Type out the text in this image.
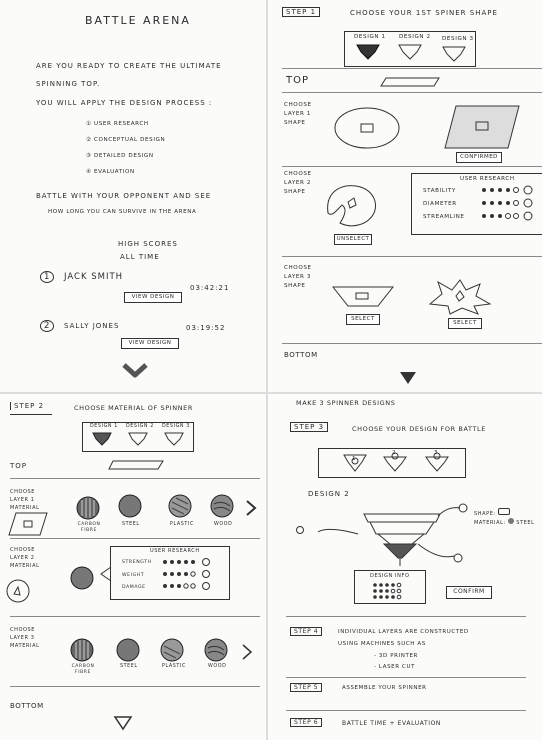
BATTLE ARENA
ARE YOU READY TO CREATE THE ULTIMATE
SPINNING TOP.
YOU WILL APPLY THE DESIGN PROCESS :
① USER RESEARCH
② CONCEPTUAL DESIGN
③ DETAILED DESIGN
④ EVALUATION
BATTLE WITH YOUR OPPONENT AND SEE
HOW LONG YOU CAN SURVIVE IN THE ARENA
HIGH SCORES
ALL TIME
1	JACK SMITH
03:42:21
VIEW DESIGN
2	SALLY JONES	03:19:52
VIEW DESIGN
STEP 1	CHOOSE YOUR 1ST SPINER SHAPE
DESIGN 1 DESIGN 2 DESIGN 3
TOP
CHOOSE LAYER 1 SHAPE
CONFIRMED
CHOOSE LAYER 2 SHAPE
UNSELECT
USER RESEARCH
STABILITY
DIAMETER
STREAMLINE
CHOOSE LAYER 3 SHAPE
SELECT
SELECT
BOTTOM
STEP 2	CHOOSE MATERIAL OF SPINNER
DESIGN 1 DESIGN 2 DESIGN 3
TOP
CHOOSE LAYER 1 MATERIAL
CARBON FIBRE
STEEL	PLASTIC	WOOD
CHOOSE LAYER 2 MATERIAL
USER RESEARCH
STRENGTH
WEIGHT
DAMAGE
CHOOSE LAYER 3 MATERIAL
CARBON FIBRE
STEEL	PLASTIC	WOOD
BOTTOM
MAKE 3 SPINNER DESIGNS
STEP 3	CHOOSE YOUR DESIGN FOR BATTLE
1
2	3
DESIGN 2
SHAPE:
MATERIAL: STEEL
DESIGN INFO
CONFIRM
STEP 4	INDIVIDUAL LAYERS ARE CONSTRUCTED
USING MACHINES SUCH AS
- 3D PRINTER
- LASER CUT
STEP 5	ASSEMBLE YOUR SPINNER
STEP 6	BATTLE TIME + EVALUATION
